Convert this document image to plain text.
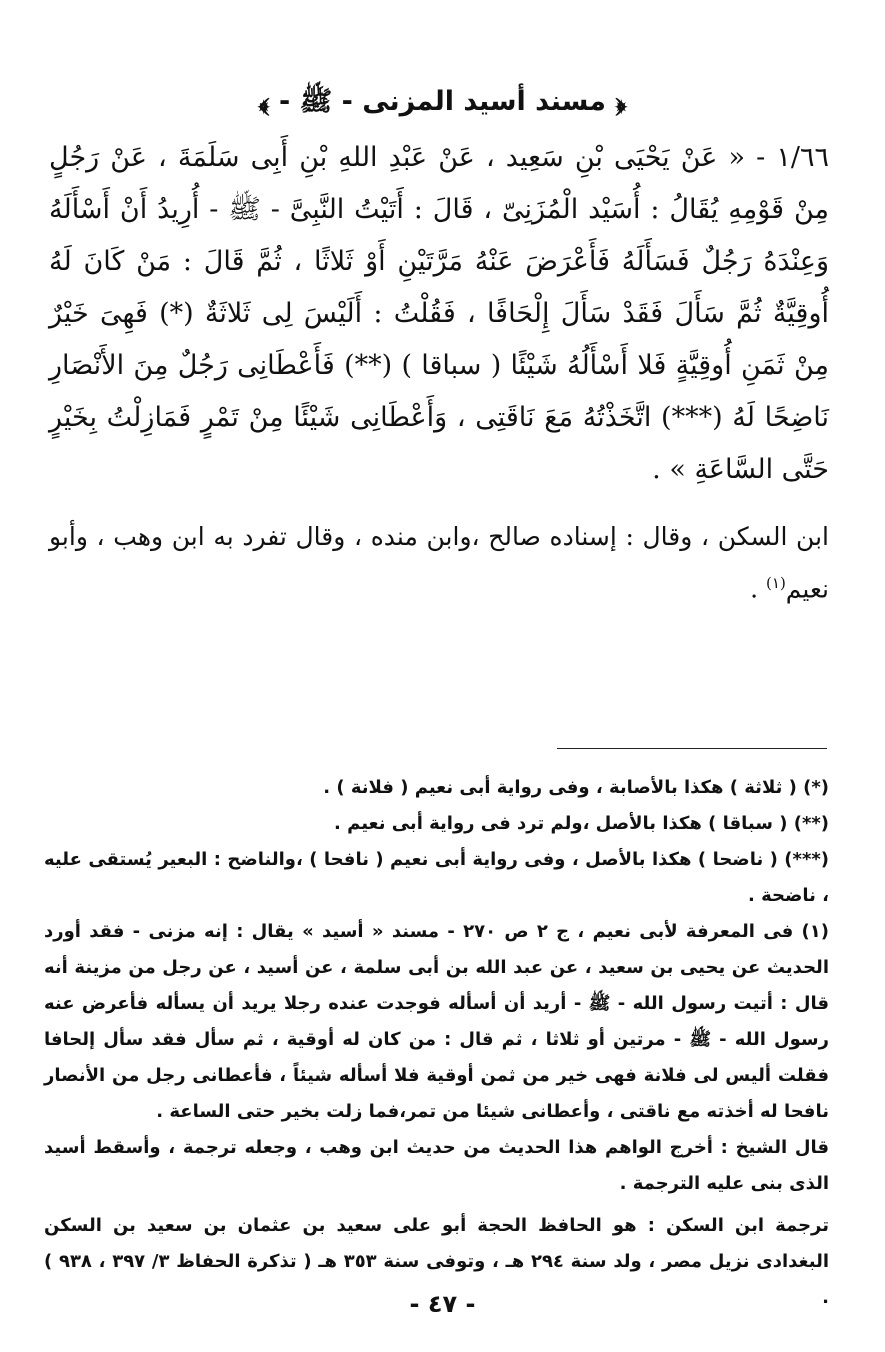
﴿ مسند أسيد المزنى - ﷺ - ﴾

١/٦٦ - « عَنْ يَحْيَى بْنِ سَعِيد ، عَنْ عَبْدِ اللهِ بْنِ أَبِى سَلَمَةَ ، عَنْ رَجُلٍ مِنْ قَوْمِهِ يُقَالُ : أُسَيْد الْمُزَنِىّ ، قَالَ : أَتَيْتُ النَّبِىَّ - ﷺ - أُرِيدُ أَنْ أَسْأَلَهُ وَعِنْدَهُ رَجُلٌ فَسَأَلَهُ فَأَعْرَضَ عَنْهُ مَرَّتَيْنِ أَوْ ثَلاثًا ، ثُمَّ قَالَ : مَنْ كَانَ لَهُ أُوقِيَّةٌ ثُمَّ سَأَلَ فَقَدْ سَأَلَ إِلْحَافًا ، فَقُلْتُ : أَلَيْسَ لِى ثَلاثَةٌ (*) فَهِىَ خَيْرٌ مِنْ ثَمَنِ أُوقِيَّةٍ فَلا أَسْأَلُهُ شَيْئًا ( سباقا ) (**) فَأَعْطَانِى رَجُلٌ مِنَ الأَنْصَارِ نَاضِحًا لَهُ (***) اتَّخَذْتُهُ مَعَ نَاقَتِى ، وَأَعْطَانِى شَيْئًا مِنْ تَمْرٍ فَمَازِلْتُ بِخَيْرٍ حَتَّى السَّاعَةِ » .

ابن السكن ، وقال : إسناده صالح ،وابن منده ، وقال تفرد به ابن وهب ، وأبو نعيم$^{(١)}$ .

(*) ( ثلاثة ) هكذا بالأصابة ، وفى رواية أبى نعيم ( فلانة ) .

(**) ( سباقا ) هكذا بالأصل ،ولم ترد فى رواية أبى نعيم .

(***) ( ناضحا ) هكذا بالأصل ، وفى رواية أبى نعيم ( نافحا ) ،والناضح : البعير يُستقى عليه ، ناضحة .

(١) فى المعرفة لأبى نعيم ، ج ٢ ص ٢٧٠ - مسند « أسيد » يقال : إنه مزنى - فقد أورد الحديث عن يحيى بن سعيد ، عن عبد الله بن أبى سلمة ، عن أسيد ، عن رجل من مزينة أنه قال : أتيت رسول الله - ﷺ - أريد أن أسأله فوجدت عنده رجلا يريد أن يسأله فأعرض عنه رسول الله - ﷺ - مرتين أو ثلاثا ، ثم قال : من كان له أوقية ، ثم سأل فقد سأل إلحافا فقلت أليس لى فلانة فهى خير من ثمن أوقية فلا أسأله شيئاً ، فأعطانى رجل من الأنصار نافحا له أخذته مع ناقتى ، وأعطانى شيئا من تمر،فما زلت بخير حتى الساعة .

قال الشيخ : أخرج الواهم هذا الحديث من حديث ابن وهب ، وجعله ترجمة ، وأسقط أسيد الذى بنى عليه الترجمة .

ترجمة ابن السكن : هو الحافظ الحجة أبو على سعيد بن عثمان بن سعيد بن السكن البغدادى نزيل مصر ، ولد سنة ٢٩٤ هـ ، وتوفى سنة ٣٥٣ هـ ( تذكرة الحفاظ ٣/ ٣٩٧ ، ٩٣٨ ) .

- ٤٧ -
